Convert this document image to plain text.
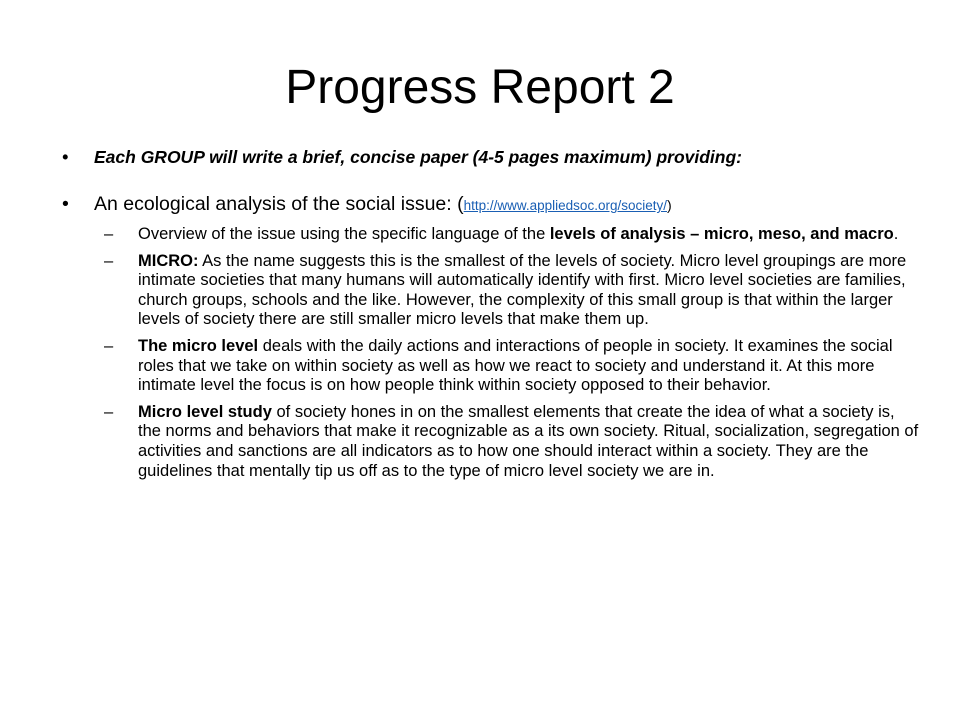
Progress Report 2
• Each GROUP will write a brief, concise paper (4-5 pages maximum) providing:
• An ecological analysis of the social issue: (http://www.appliedsoc.org/society/)
– Overview of the issue using the specific language of the levels of analysis – micro, meso, and macro.
– MICRO: As the name suggests this is the smallest of the levels of society. Micro level groupings are more intimate societies that many humans will automatically identify with first. Micro level societies are families, church groups, schools and the like. However, the complexity of this small group is that within the larger levels of society there are still smaller micro levels that make them up.
– The micro level deals with the daily actions and interactions of people in society. It examines the social roles that we take on within society as well as how we react to society and understand it. At this more intimate level the focus is on how people think within society opposed to their behavior.
– Micro level study of society hones in on the smallest elements that create the idea of what a society is, the norms and behaviors that make it recognizable as a its own society. Ritual, socialization, segregation of activities and sanctions are all indicators as to how one should interact within a society. They are the guidelines that mentally tip us off as to the type of micro level society we are in.
